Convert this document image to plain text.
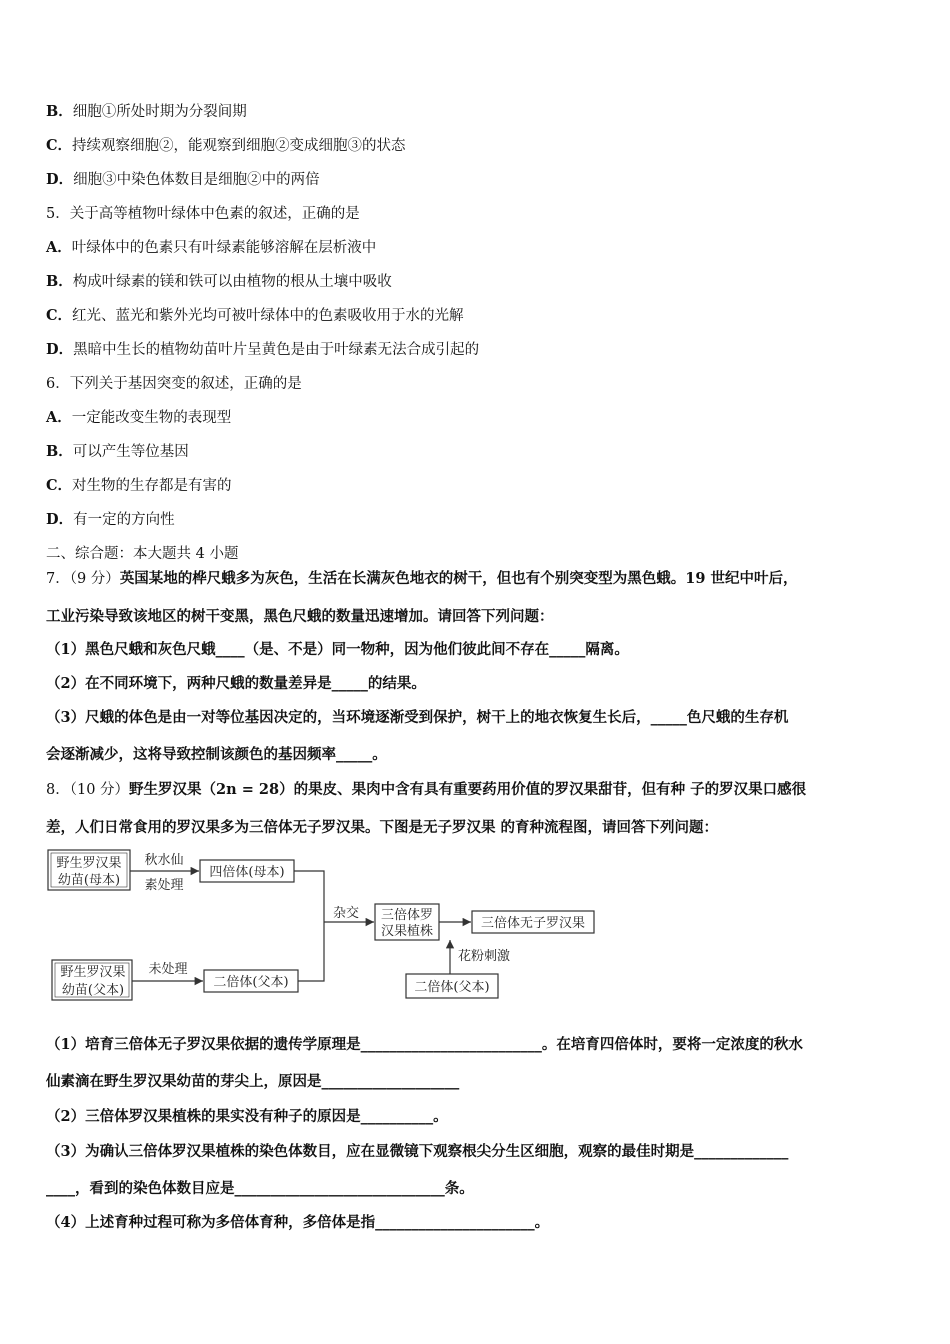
B．细胞①所处时期为分裂间期
C．持续观察细胞②，能观察到细胞②变成细胞③的状态
D．细胞③中染色体数目是细胞②中的两倍
5．关于高等植物叶绿体中色素的叙述，正确的是
A．叶绿体中的色素只有叶绿素能够溶解在层析液中
B．构成叶绿素的镁和铁可以由植物的根从土壤中吸收
C．红光、蓝光和紫外光均可被叶绿体中的色素吸收用于水的光解
D．黑暗中生长的植物幼苗叶片呈黄色是由于叶绿素无法合成引起的
6．下列关于基因突变的叙述，正确的是
A．一定能改变生物的表现型
B．可以产生等位基因
C．对生物的生存都是有害的
D．有一定的方向性
二、综合题：本大题共 4 小题
7．（9 分）英国某地的桦尺蛾多为灰色，生活在长满灰色地衣的树干，但也有个别突变型为黑色蛾。19 世纪中叶后，
工业污染导致该地区的树干变黑，黑色尺蛾的数量迅速增加。请回答下列问题：
（1）黑色尺蛾和灰色尺蛾____（是、不是）同一物种，因为他们彼此间不存在_____隔离。
（2）在不同环境下，两种尺蛾的数量差异是_____的结果。
（3）尺蛾的体色是由一对等位基因决定的，当环境逐渐受到保护，树干上的地衣恢复生长后，_____色尺蛾的生存机
会逐渐减少，这将导致控制该颜色的基因频率_____。
8．（10 分）野生罗汉果（2n = 28）的果皮、果肉中含有具有重要药用价值的罗汉果甜苷，但有种 子的罗汉果口感很
差，人们日常食用的罗汉果多为三倍体无子罗汉果。下图是无子罗汉果 的育种流程图，请回答下列问题：
野生罗汉果
幼苗(母本)
秋水仙
素处理
四倍体(母本)
杂交 三倍体罗
汉果植株
三倍体无子罗汉果
野生罗汉果
幼苗(父本)
未处理
二倍体(父本)
花粉刺激
二倍体(父本)
（1）培育三倍体无子罗汉果依据的遗传学原理是_________________________。在培育四倍体时，要将一定浓度的秋水
仙素滴在野生罗汉果幼苗的芽尖上，原因是___________________
（2）三倍体罗汉果植株的果实没有种子的原因是__________。
（3）为确认三倍体罗汉果植株的染色体数目，应在显微镜下观察根尖分生区细胞，观察的最佳时期是_____________
____，看到的染色体数目应是_____________________________条。
（4）上述育种过程可称为多倍体育种，多倍体是指______________________。
